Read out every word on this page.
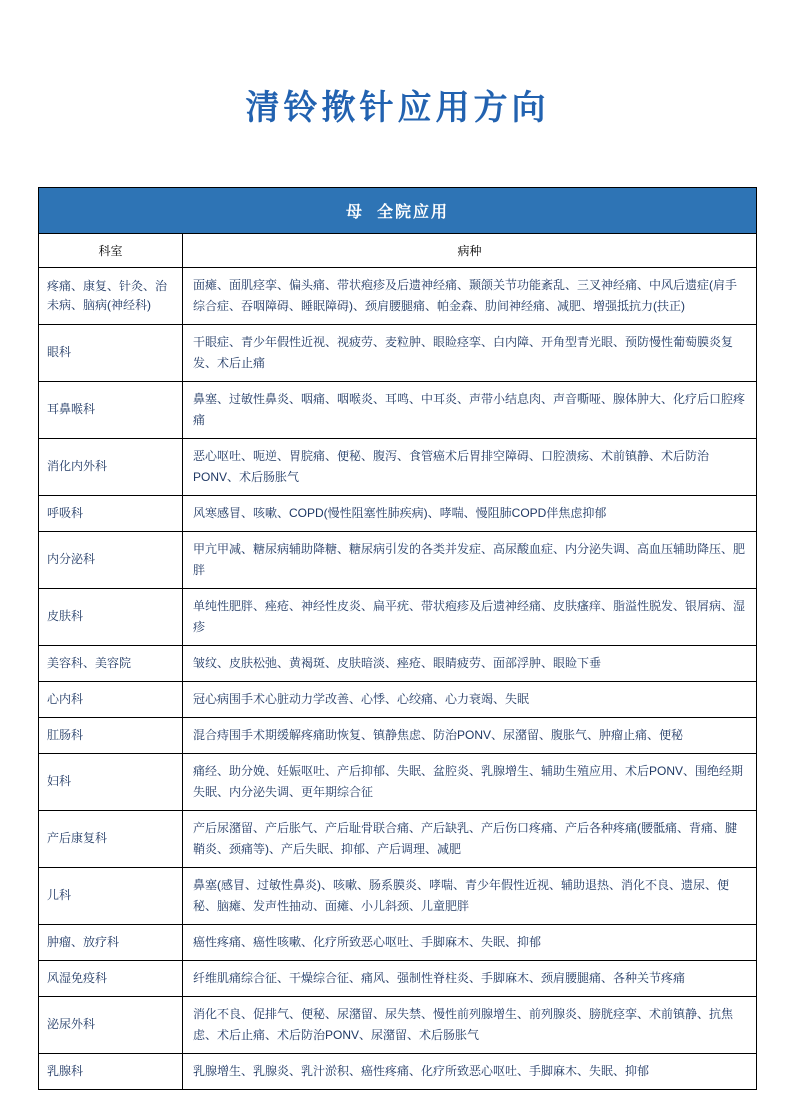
清铃揿针应用方向
母  全院应用	
科室	病种
疼痛、康复、针灸、治未病、脑病(神经科)	面瘫、面肌痉挛、偏头痛、带状疱疹及后遗神经痛、颞颌关节功能紊乱、三叉神经痛、中风后遗症(肩手综合症、吞咽障碍、睡眠障碍)、颈肩腰腿痛、帕金森、肋间神经痛、减肥、增强抵抗力(扶正)
眼科	干眼症、青少年假性近视、视疲劳、麦粒肿、眼睑痉挛、白内障、开角型青光眼、预防慢性葡萄膜炎复发、术后止痛
耳鼻喉科	鼻塞、过敏性鼻炎、咽痛、咽喉炎、耳鸣、中耳炎、声带小结息肉、声音嘶哑、腺体肿大、化疗后口腔疼痛
消化内外科	恶心呕吐、呃逆、胃脘痛、便秘、腹泻、食管癌术后胃排空障碍、口腔溃疡、术前镇静、术后防治PONV、术后肠胀气
呼吸科	风寒感冒、咳嗽、COPD(慢性阻塞性肺疾病)、哮喘、慢阻肺COPD伴焦虑抑郁
内分泌科	甲亢甲减、糖尿病辅助降糖、糖尿病引发的各类并发症、高尿酸血症、内分泌失调、高血压辅助降压、肥胖
皮肤科	单纯性肥胖、痤疮、神经性皮炎、扁平疣、带状疱疹及后遗神经痛、皮肤瘙痒、脂溢性脱发、银屑病、湿疹
美容科、美容院	皱纹、皮肤松弛、黄褐斑、皮肤暗淡、痤疮、眼睛疲劳、面部浮肿、眼睑下垂
心内科	冠心病围手术心脏动力学改善、心悸、心绞痛、心力衰竭、失眠
肛肠科	混合痔围手术期缓解疼痛助恢复、镇静焦虑、防治PONV、尿潴留、腹胀气、肿瘤止痛、便秘
妇科	痛经、助分娩、妊娠呕吐、产后抑郁、失眠、盆腔炎、乳腺增生、辅助生殖应用、术后PONV、围绝经期失眠、内分泌失调、更年期综合征
产后康复科	产后尿潴留、产后胀气、产后耻骨联合痛、产后缺乳、产后伤口疼痛、产后各种疼痛(腰骶痛、背痛、腱鞘炎、颈痛等)、产后失眠、抑郁、产后调理、减肥
儿科	鼻塞(感冒、过敏性鼻炎)、咳嗽、肠系膜炎、哮喘、青少年假性近视、辅助退热、消化不良、遗尿、便秘、脑瘫、发声性抽动、面瘫、小儿斜颈、儿童肥胖
肿瘤、放疗科	癌性疼痛、癌性咳嗽、化疗所致恶心呕吐、手脚麻木、失眠、抑郁
风湿免疫科	纤维肌痛综合征、干燥综合征、痛风、强制性脊柱炎、手脚麻木、颈肩腰腿痛、各种关节疼痛
泌尿外科	消化不良、促排气、便秘、尿潴留、尿失禁、慢性前列腺增生、前列腺炎、膀胱痉挛、术前镇静、抗焦虑、术后止痛、术后防治PONV、尿潴留、术后肠胀气
乳腺科	乳腺增生、乳腺炎、乳汁淤积、癌性疼痛、化疗所致恶心呕吐、手脚麻木、失眠、抑郁
